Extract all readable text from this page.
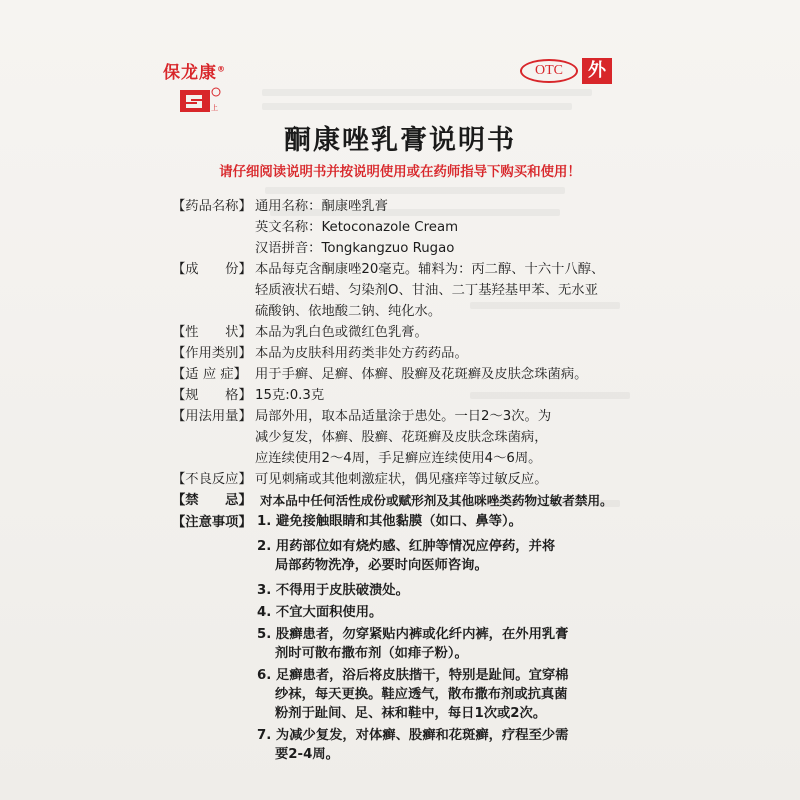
保龙康®
上
OTC	外
酮康唑乳膏说明书
请仔细阅读说明书并按说明使用或在药师指导下购买和使用！
【药品名称】 通用名称：酮康唑乳膏
英文名称：Ketoconazole Cream
汉语拼音：Tongkangzuo Rugao
【成　　份】 本品每克含酮康唑20毫克。辅料为：丙二醇、十六十八醇、
轻质液状石蜡、匀染剂O、甘油、二丁基羟基甲苯、无水亚
硫酸钠、依地酸二钠、纯化水。
【性　　状】 本品为乳白色或微红色乳膏。
【作用类别】 本品为皮肤科用药类非处方药药品。
【适 应 症】 用于手癣、足癣、体癣、股癣及花斑癣及皮肤念珠菌病。
【规　　格】 15克:0.3克
【用法用量】 局部外用，取本品适量涂于患处。一日2～3次。为
减少复发，体癣、股癣、花斑癣及皮肤念珠菌病，
应连续使用2～4周，手足癣应连续使用4～6周。
【不良反应】 可见刺痛或其他刺激症状，偶见瘙痒等过敏反应。
【禁　　忌】 对本品中任何活性成份或赋形剂及其他咪唑类药物过敏者禁用。
【注意事项】 1. 避免接触眼睛和其他黏膜（如口、鼻等）。
2. 用药部位如有烧灼感、红肿等情况应停药，并将
局部药物洗净，必要时向医师咨询。
3. 不得用于皮肤破溃处。
4. 不宜大面积使用。
5. 股癣患者，勿穿紧贴内裤或化纤内裤，在外用乳膏
剂时可散布撒布剂（如痱子粉）。
6. 足癣患者，浴后将皮肤揩干，特别是趾间。宜穿棉
纱袜，每天更换。鞋应透气，散布撒布剂或抗真菌
粉剂于趾间、足、袜和鞋中，每日1次或2次。
7. 为减少复发，对体癣、股癣和花斑癣，疗程至少需
要2-4周。
